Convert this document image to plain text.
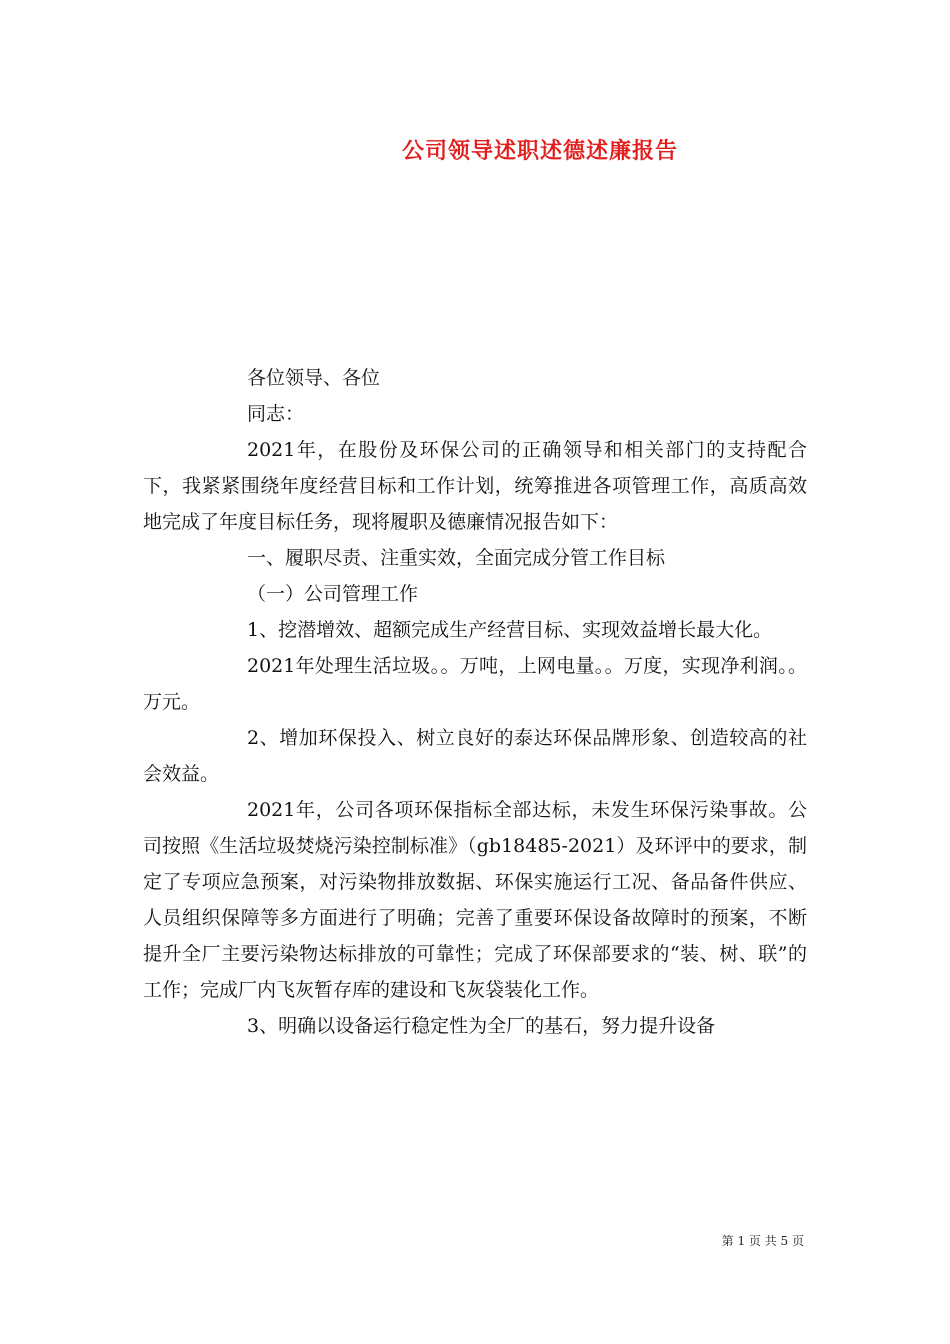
公司领导述职述德述廉报告

各位领导、各位

同志：

2021年，在股份及环保公司的正确领导和相关部门的支持配合下，我紧紧围绕年度经营目标和工作计划，统筹推进各项管理工作，高质高效地完成了年度目标任务，现将履职及德廉情况报告如下：

一、履职尽责、注重实效，全面完成分管工作目标

（一）公司管理工作

1、挖潜增效、超额完成生产经营目标、实现效益增长最大化。

2021年处理生活垃圾。。万吨，上网电量。。万度，实现净利润。。万元。

2、增加环保投入、树立良好的泰达环保品牌形象、创造较高的社会效益。

2021年，公司各项环保指标全部达标，未发生环保污染事故。公司按照《生活垃圾焚烧污染控制标准》（gb18485-2021）及环评中的要求，制定了专项应急预案，对污染物排放数据、环保实施运行工况、备品备件供应、人员组织保障等多方面进行了明确；完善了重要环保设备故障时的预案，不断提升全厂主要污染物达标排放的可靠性；完成了环保部要求的“装、树、联”的工作；完成厂内飞灰暂存库的建设和飞灰袋装化工作。

3、明确以设备运行稳定性为全厂的基石，努力提升设备

第 1 页 共 5 页
